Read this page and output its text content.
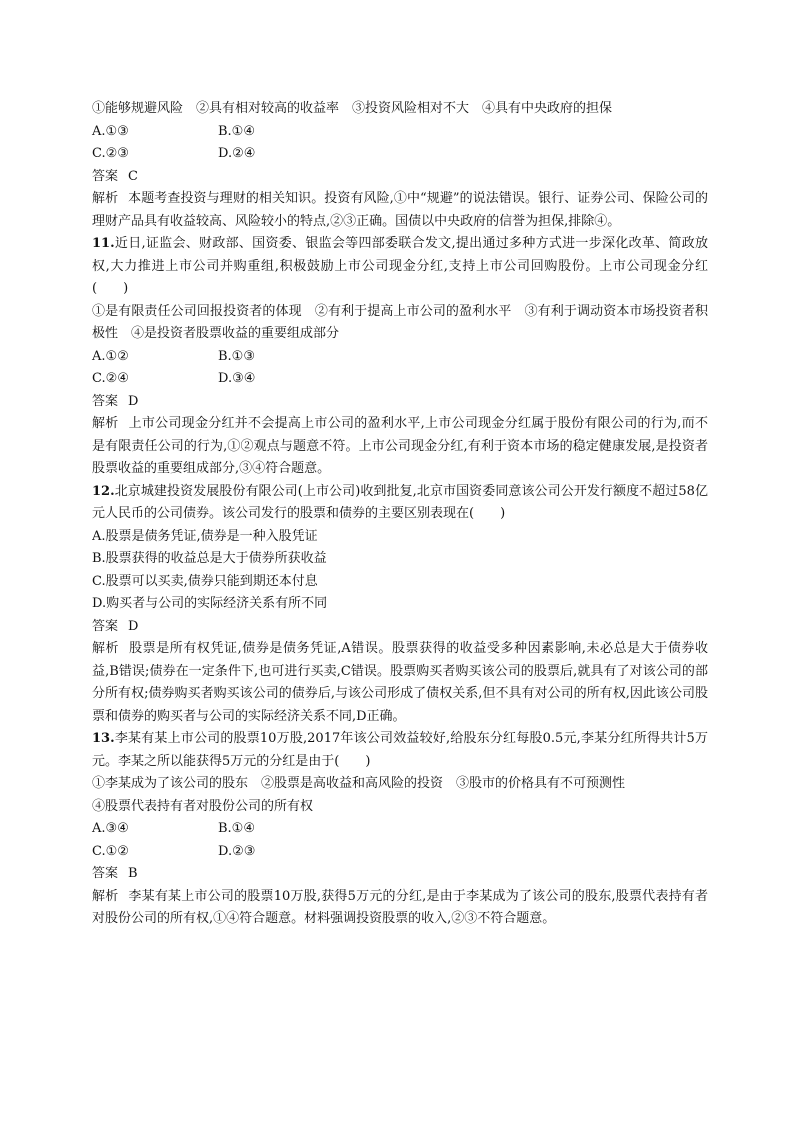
①能够规避风险　②具有相对较高的收益率　③投资风险相对不大　④具有中央政府的担保
A.①③	B.①④
C.②③	D.②④
答案 C
解析 本题考查投资与理财的相关知识。投资有风险,①中“规避”的说法错误。银行、证券公司、保险公司的理财产品具有收益较高、风险较小的特点,②③正确。国债以中央政府的信誉为担保,排除④。
11.近日,证监会、财政部、国资委、银监会等四部委联合发文,提出通过多种方式进一步深化改革、简政放权,大力推进上市公司并购重组,积极鼓励上市公司现金分红,支持上市公司回购股份。上市公司现金分红(　　)
①是有限责任公司回报投资者的体现　②有利于提高上市公司的盈利水平　③有利于调动资本市场投资者积极性　④是投资者股票收益的重要组成部分
A.①②	B.①③
C.②④	D.③④
答案 D
解析 上市公司现金分红并不会提高上市公司的盈利水平,上市公司现金分红属于股份有限公司的行为,而不是有限责任公司的行为,①②观点与题意不符。上市公司现金分红,有利于资本市场的稳定健康发展,是投资者股票收益的重要组成部分,③④符合题意。
12.北京城建投资发展股份有限公司(上市公司)收到批复,北京市国资委同意该公司公开发行额度不超过58亿元人民币的公司债券。该公司发行的股票和债券的主要区别表现在(　　)
A.股票是债务凭证,债券是一种入股凭证
B.股票获得的收益总是大于债券所获收益
C.股票可以买卖,债券只能到期还本付息
D.购买者与公司的实际经济关系有所不同
答案 D
解析 股票是所有权凭证,债券是债务凭证,A错误。股票获得的收益受多种因素影响,未必总是大于债券收益,B错误;债券在一定条件下,也可进行买卖,C错误。股票购买者购买该公司的股票后,就具有了对该公司的部分所有权;债券购买者购买该公司的债券后,与该公司形成了债权关系,但不具有对公司的所有权,因此该公司股票和债券的购买者与公司的实际经济关系不同,D正确。
13.李某有某上市公司的股票10万股,2017年该公司效益较好,给股东分红每股0.5元,李某分红所得共计5万元。李某之所以能获得5万元的分红是由于(　　)
①李某成为了该公司的股东　②股票是高收益和高风险的投资　③股市的价格具有不可预测性
④股票代表持有者对股份公司的所有权
A.③④	B.①④
C.①②	D.②③
答案 B
解析 李某有某上市公司的股票10万股,获得5万元的分红,是由于李某成为了该公司的股东,股票代表持有者对股份公司的所有权,①④符合题意。材料强调投资股票的收入,②③不符合题意。
